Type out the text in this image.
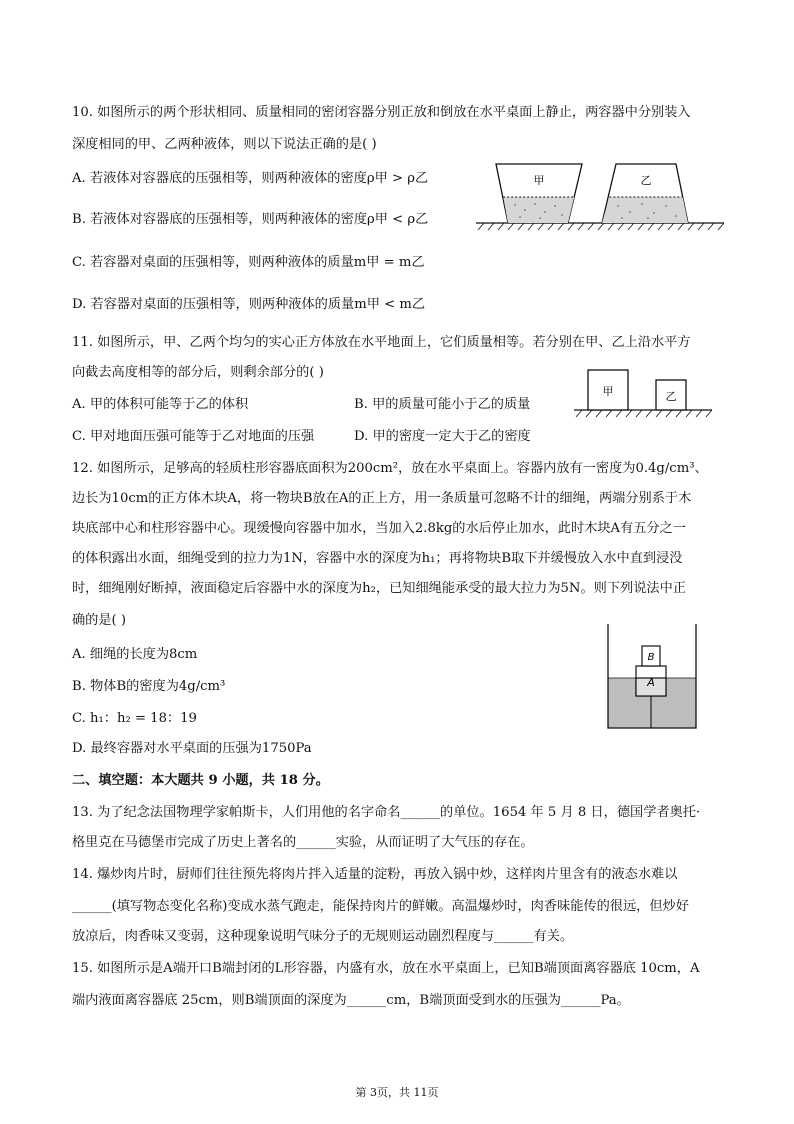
10. 如图所示的两个形状相同、质量相同的密闭容器分别正放和倒放在水平桌面上静止，两容器中分别装入
深度相同的甲、乙两种液体，则以下说法正确的是( )
A. 若液体对容器底的压强相等，则两种液体的密度ρ甲 > ρ乙
B. 若液体对容器底的压强相等，则两种液体的密度ρ甲 < ρ乙
C. 若容器对桌面的压强相等，则两种液体的质量m甲 = m乙
D. 若容器对桌面的压强相等，则两种液体的质量m甲 < m乙
甲	乙
11. 如图所示，甲、乙两个均匀的实心正方体放在水平地面上，它们质量相等。若分别在甲、乙上沿水平方
向截去高度相等的部分后，则剩余部分的( )
A. 甲的体积可能等于乙的体积	B. 甲的质量可能小于乙的质量
C. 甲对地面压强可能等于乙对地面的压强	D. 甲的密度一定大于乙的密度
甲	乙
12. 如图所示，足够高的轻质柱形容器底面积为200cm²，放在水平桌面上。容器内放有一密度为0.4g/cm³、
边长为10cm的正方体木块A，将一物块B放在A的正上方，用一条质量可忽略不计的细绳，两端分别系于木
块底部中心和柱形容器中心。现缓慢向容器中加水，当加入2.8kg的水后停止加水，此时木块A有五分之一
的体积露出水面，细绳受到的拉力为1N，容器中水的深度为h₁；再将物块B取下并缓慢放入水中直到浸没
时，细绳刚好断掉，液面稳定后容器中水的深度为h₂，已知细绳能承受的最大拉力为5N。则下列说法中正
确的是( )
A. 细绳的长度为8cm
B. 物体B的密度为4g/cm³
C. h₁：h₂ = 18：19
D. 最终容器对水平桌面的压强为1750Pa
A
B
二、填空题：本大题共 9 小题，共 18 分。
13. 为了纪念法国物理学家帕斯卡，人们用他的名字命名______的单位。1654 年 5 月 8 日，德国学者奥托·
格里克在马德堡市完成了历史上著名的______实验，从而证明了大气压的存在。
14. 爆炒肉片时，厨师们往往预先将肉片拌入适量的淀粉，再放入锅中炒，这样肉片里含有的液态水难以
______(填写物态变化名称)变成水蒸气跑走，能保持肉片的鲜嫩。高温爆炒时，肉香味能传的很远，但炒好
放凉后，肉香味又变弱，这种现象说明气味分子的无规则运动剧烈程度与______有关。
15. 如图所示是A端开口B端封闭的L形容器，内盛有水，放在水平桌面上，已知B端顶面离容器底 10cm，A
端内液面离容器底 25cm，则B端顶面的深度为______cm，B端顶面受到水的压强为______Pa。
第 3页，共 11页
